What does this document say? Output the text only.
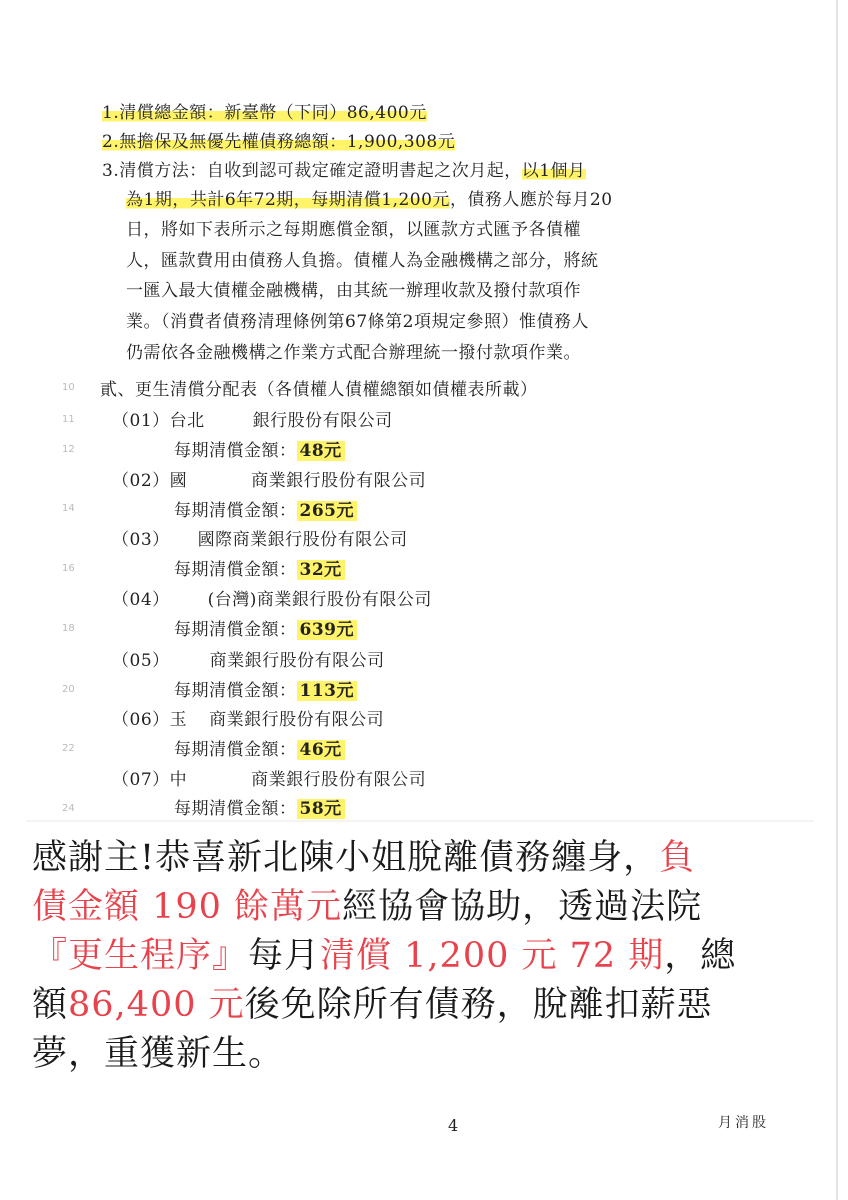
1.清償總金額：新臺幣（下同）86,400元
2.無擔保及無優先權債務總額：1,900,308元
3.清償方法：自收到認可裁定確定證明書起之次月起，以1個月
為1期，共計6年72期，每期清償1,200元，債務人應於每月20
日，將如下表所示之每期應償金額，以匯款方式匯予各債權
人，匯款費用由債務人負擔。債權人為金融機構之部分，將統
一匯入最大債權金融機構，由其統一辦理收款及撥付款項作
業。（消費者債務清理條例第67條第2項規定參照）惟債務人
仍需依各金融機構之作業方式配合辦理統一撥付款項作業。
10
11
12
14
16
18
20
22
24
貳、更生清償分配表（各債權人債權總額如債權表所載）
（01）台北	銀行股份有限公司
每期清償金額： 48元
（02）國	商業銀行股份有限公司
每期清償金額： 265元
（03） 國際商業銀行股份有限公司
每期清償金額： 32元
（04） (台灣)商業銀行股份有限公司
每期清償金額： 639元
（05） 商業銀行股份有限公司
每期清償金額： 113元
（06）玉 商業銀行股份有限公司
每期清償金額： 46元
（07）中	商業銀行股份有限公司
每期清償金額： 58元
感謝主!恭喜新北陳小姐脫離債務纏身，負
債金額 190 餘萬元經協會協助，透過法院
『更生程序』每月清償 1,200 元 72 期，總
額86,400 元後免除所有債務，脫離扣薪惡
夢，重獲新生。
4	月消股
